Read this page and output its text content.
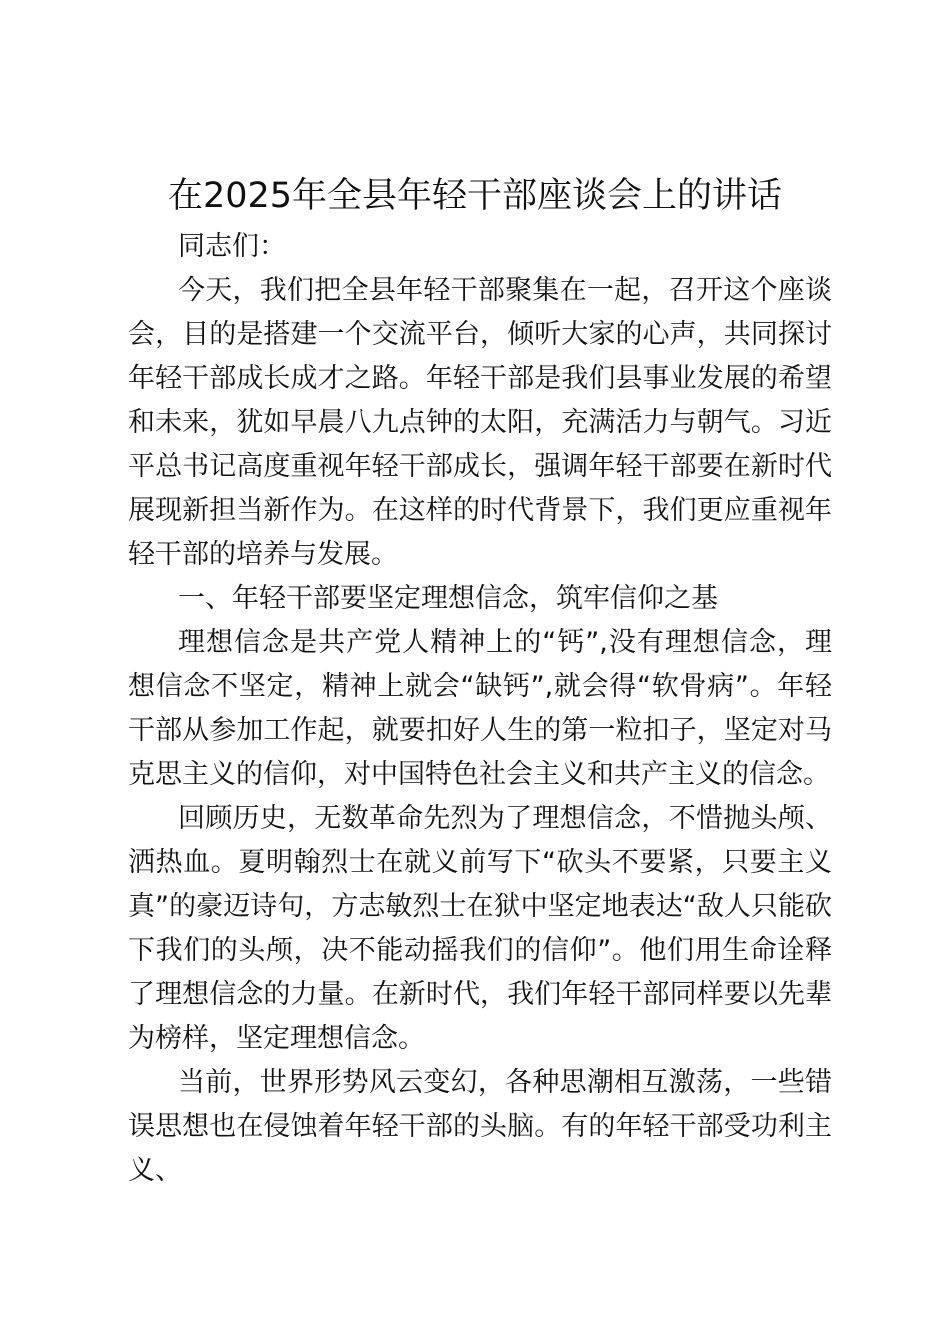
在2025年全县年轻干部座谈会上的讲话

同志们：

今天，我们把全县年轻干部聚集在一起，召开这个座谈会，目的是搭建一个交流平台，倾听大家的心声，共同探讨年轻干部成长成才之路。年轻干部是我们县事业发展的希望和未来，犹如早晨八九点钟的太阳，充满活力与朝气。习近平总书记高度重视年轻干部成长，强调年轻干部要在新时代展现新担当新作为。在这样的时代背景下，我们更应重视年轻干部的培养与发展。

一、年轻干部要坚定理想信念，筑牢信仰之基

理想信念是共产党人精神上的“钙”,没有理想信念，理想信念不坚定，精神上就会“缺钙”,就会得“软骨病”。年轻干部从参加工作起，就要扣好人生的第一粒扣子，坚定对马克思主义的信仰，对中国特色社会主义和共产主义的信念。

回顾历史，无数革命先烈为了理想信念，不惜抛头颅、洒热血。夏明翰烈士在就义前写下“砍头不要紧，只要主义真”的豪迈诗句，方志敏烈士在狱中坚定地表达“敌人只能砍下我们的头颅，决不能动摇我们的信仰”。他们用生命诠释了理想信念的力量。在新时代，我们年轻干部同样要以先辈为榜样，坚定理想信念。

当前，世界形势风云变幻，各种思潮相互激荡，一些错误思想也在侵蚀着年轻干部的头脑。有的年轻干部受功利主义、
